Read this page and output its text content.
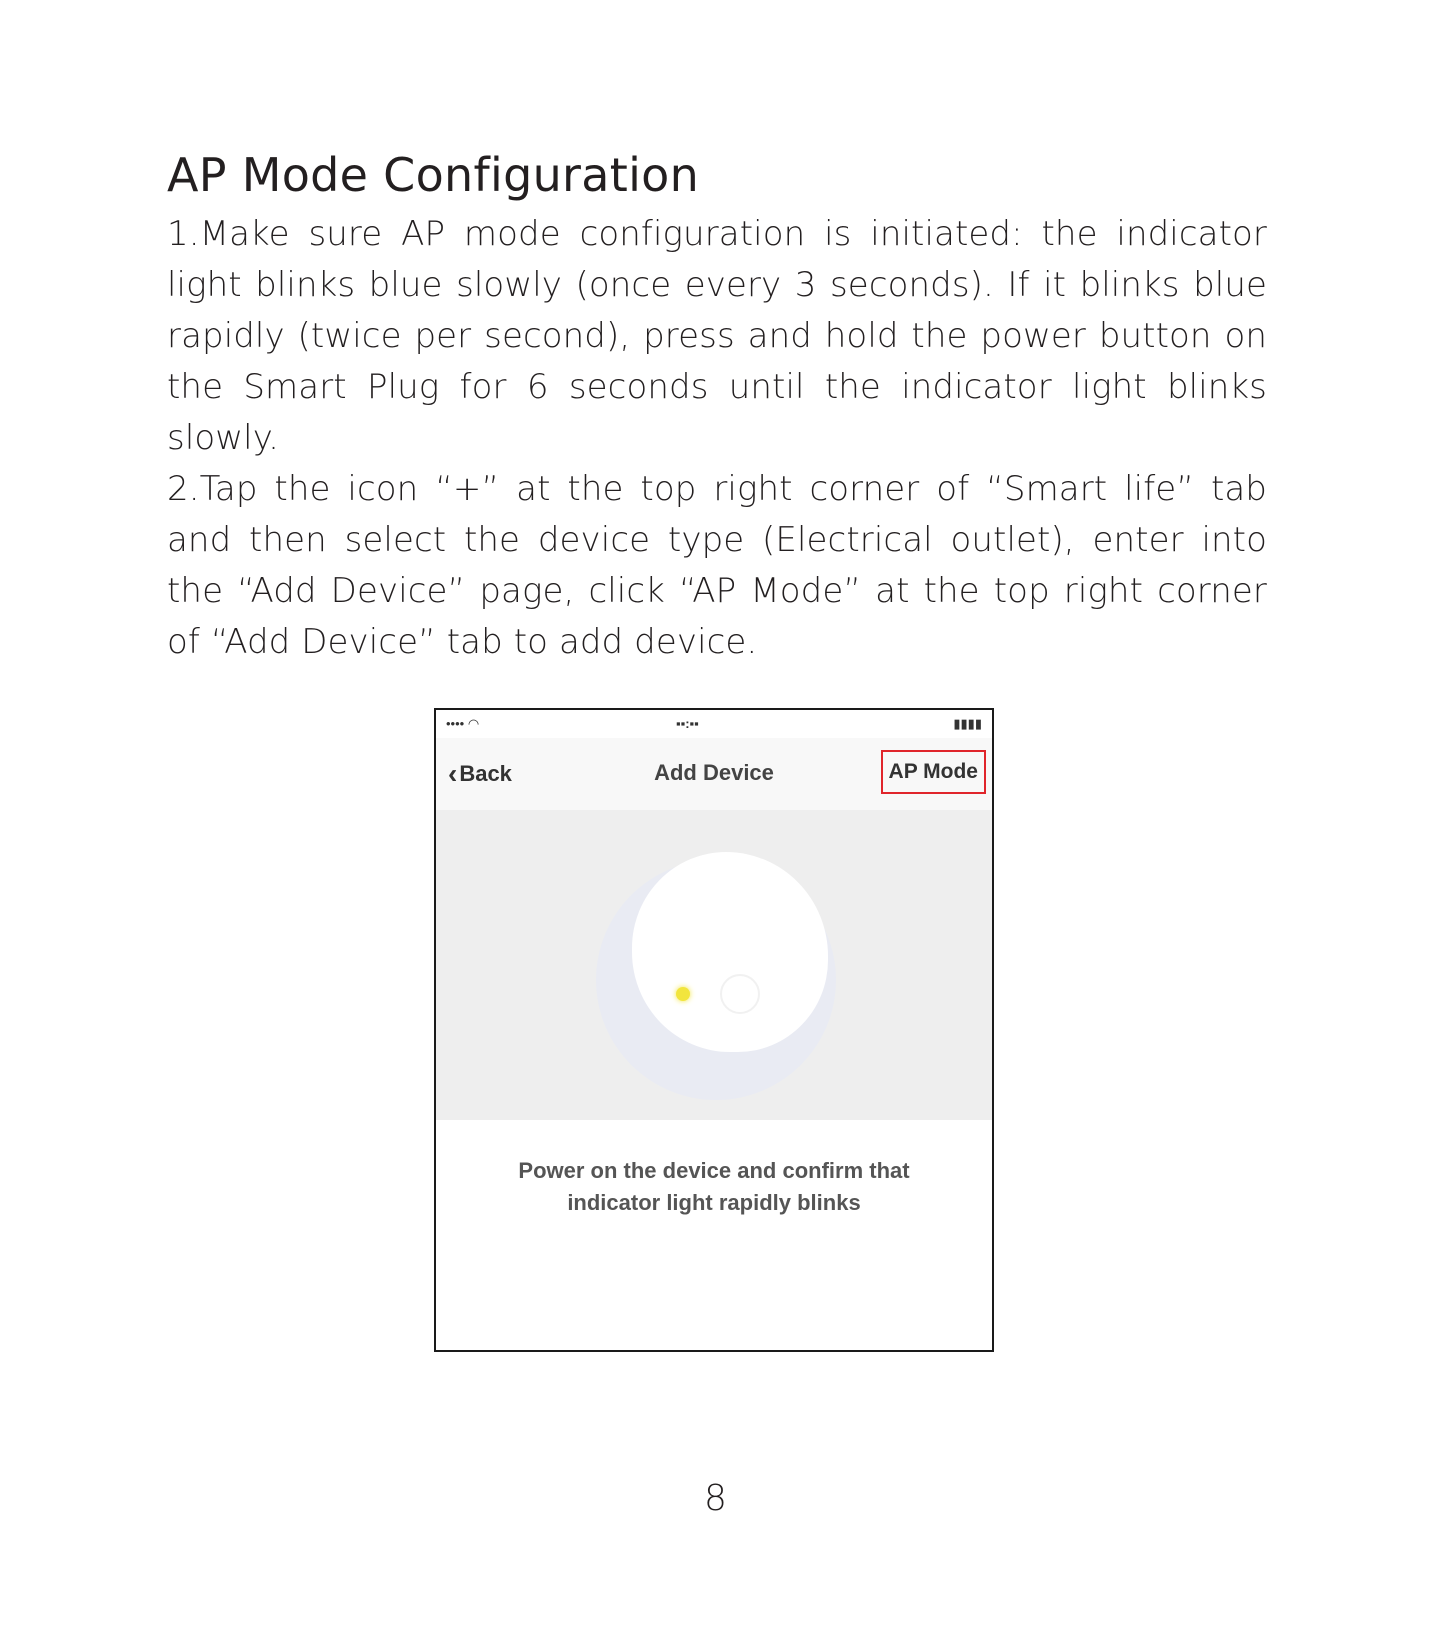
AP Mode Configuration

1.Make sure AP mode configuration is initiated: the indicator light blinks blue slowly (once every 3 seconds). If it blinks blue rapidly (twice per second), press and hold the power button on the Smart Plug for 6 seconds until the indicator light blinks slowly.

2.Tap the icon “+” at the top right corner of “Smart life” tab and then select the device type (Electrical outlet), enter into the “Add Device” page, click “AP Mode” at the top right corner of “Add Device” tab to add device.

•••• ◠	▪▪:▪▪	▮▮▮▮
‹Back	Add Device	AP Mode
Power on the device and confirm that indicator light rapidly blinks
8
